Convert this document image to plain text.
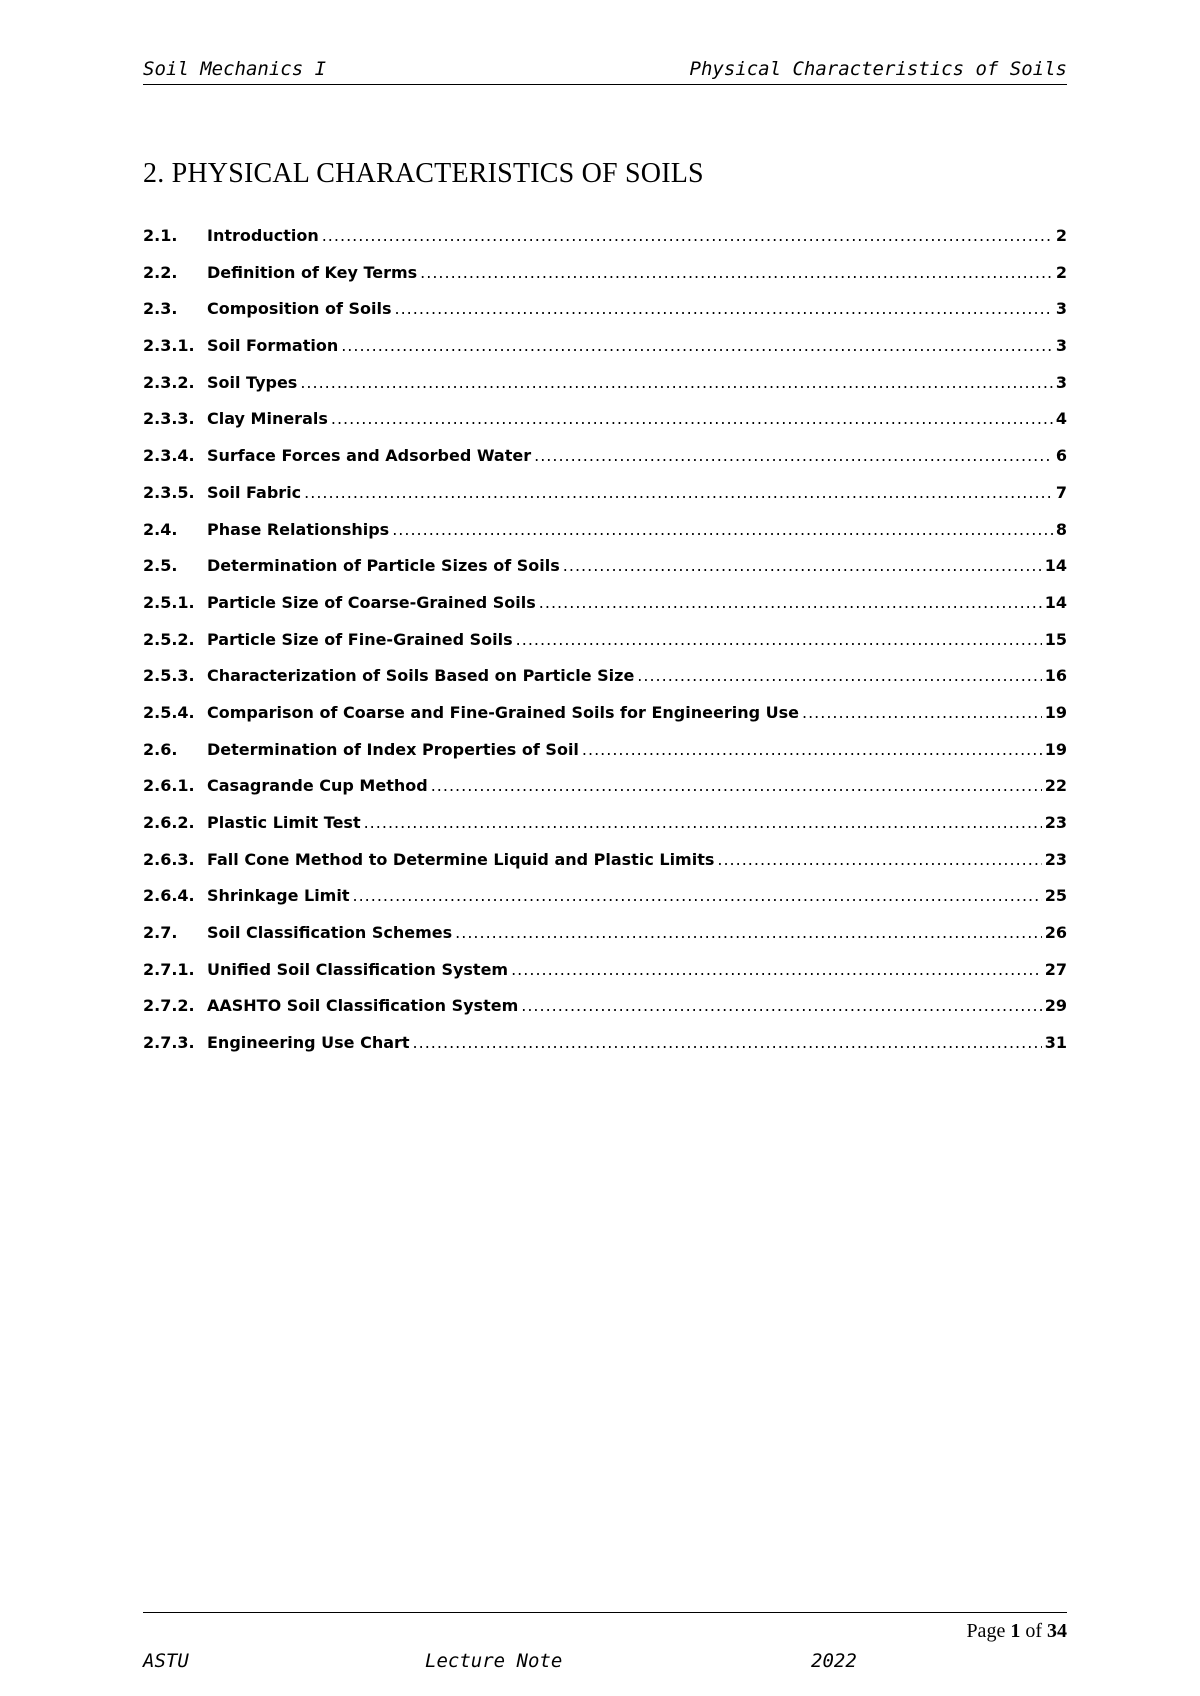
Soil Mechanics I	Physical Characteristics of Soils
2. PHYSICAL CHARACTERISTICS OF SOILS
2.1.	Introduction .....	2
2.2.	Definition of Key Terms .....	2
2.3.	Composition of Soils .....	3
2.3.1. Soil Formation .....	3
2.3.2. Soil Types .....	3
2.3.3. Clay Minerals .....	4
2.3.4. Surface Forces and Adsorbed Water .....	6
2.3.5. Soil Fabric .....	7
2.4.	Phase Relationships .....	8
2.5.	Determination of Particle Sizes of Soils .....	14
2.5.1. Particle Size of Coarse-Grained Soils .....	14
2.5.2. Particle Size of Fine-Grained Soils .....	15
2.5.3. Characterization of Soils Based on Particle Size .....	16
2.5.4. Comparison of Coarse and Fine-Grained Soils for Engineering Use .....	19
2.6.	Determination of Index Properties of Soil .....	19
2.6.1. Casagrande Cup Method .....	22
2.6.2. Plastic Limit Test .....	23
2.6.3. Fall Cone Method to Determine Liquid and Plastic Limits .....	23
2.6.4. Shrinkage Limit .....	25
2.7.	Soil Classification Schemes .....	26
2.7.1. Unified Soil Classification System .....	27
2.7.2. AASHTO Soil Classification System .....	29
2.7.3. Engineering Use Chart .....	31
Page 1 of 34
ASTU	Lecture Note	2022
